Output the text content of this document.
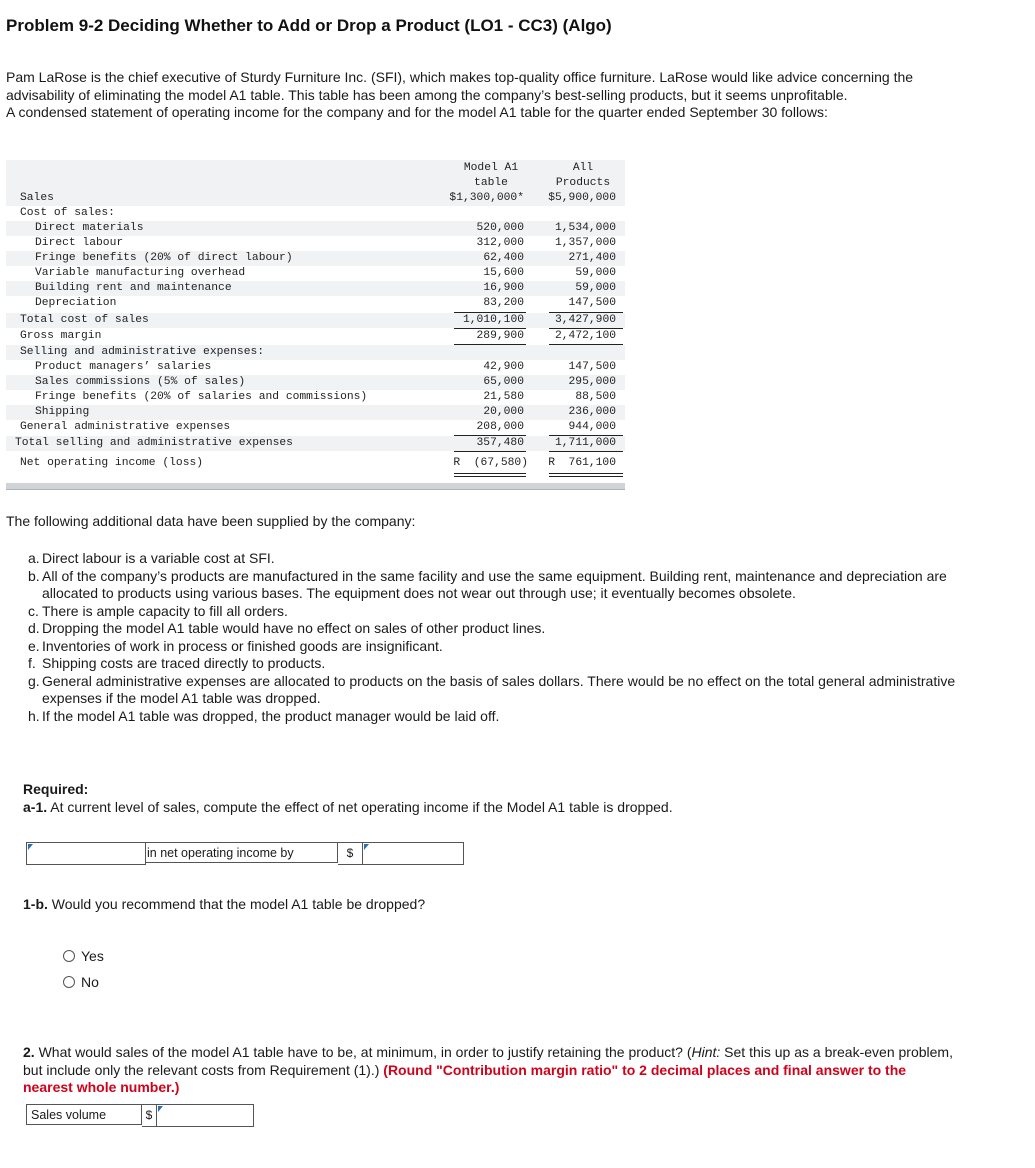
Problem 9-2 Deciding Whether to Add or Drop a Product (LO1 - CC3) (Algo)

Pam LaRose is the chief executive of Sturdy Furniture Inc. (SFI), which makes top-quality office furniture. LaRose would like advice concerning the advisability of eliminating the model A1 table. This table has been among the company’s best-selling products, but it seems unprofitable.

A condensed statement of operating income for the company and for the model A1 table for the quarter ended September 30 follows:

Model A1
table
All
Products
Sales	$1,300,000*	$5,900,000
Cost of sales:
Direct materials	520,000	1,534,000
Direct labour	312,000	1,357,000
Fringe benefits (20% of direct labour)	62,400	271,400
Variable manufacturing overhead	15,600	59,000
Building rent and maintenance	16,900	59,000
Depreciation	83,200	147,500
Total cost of sales	1,010,100	3,427,900
Gross margin	289,900	2,472,100
Selling and administrative expenses:
Product managers’ salaries	42,900	147,500
Sales commissions (5% of sales)	65,000	295,000
Fringe benefits (20% of salaries and commissions)	21,580	88,500
Shipping	20,000	236,000
General administrative expenses	208,000	944,000
Total selling and administrative expenses	357,480	1,711,000
Net operating income (loss)	R  (67,580)	R  761,100
The following additional data have been supplied by the company:
a. Direct labour is a variable cost at SFI.
b. All of the company’s products are manufactured in the same facility and use the same equipment. Building rent, maintenance and depreciation are allocated to products using various bases. The equipment does not wear out through use; it eventually becomes obsolete.
c. There is ample capacity to fill all orders.
d. Dropping the model A1 table would have no effect on sales of other product lines.
e. Inventories of work in process or finished goods are insignificant.
f. Shipping costs are traced directly to products.
g. General administrative expenses are allocated to products on the basis of sales dollars. There would be no effect on the total general administrative expenses if the model A1 table was dropped.
h. If the model A1 table was dropped, the product manager would be laid off.
Required:
a-1. At current level of sales, compute the effect of net operating income if the Model A1 table is dropped.
in net operating income by	$
1-b. Would you recommend that the model A1 table be dropped?
Yes
No
2. What would sales of the model A1 table have to be, at minimum, in order to justify retaining the product? (Hint: Set this up as a break-even problem, but include only the relevant costs from Requirement (1).) (Round "Contribution margin ratio" to 2 decimal places and final answer to the nearest whole number.)
Sales volume	$
